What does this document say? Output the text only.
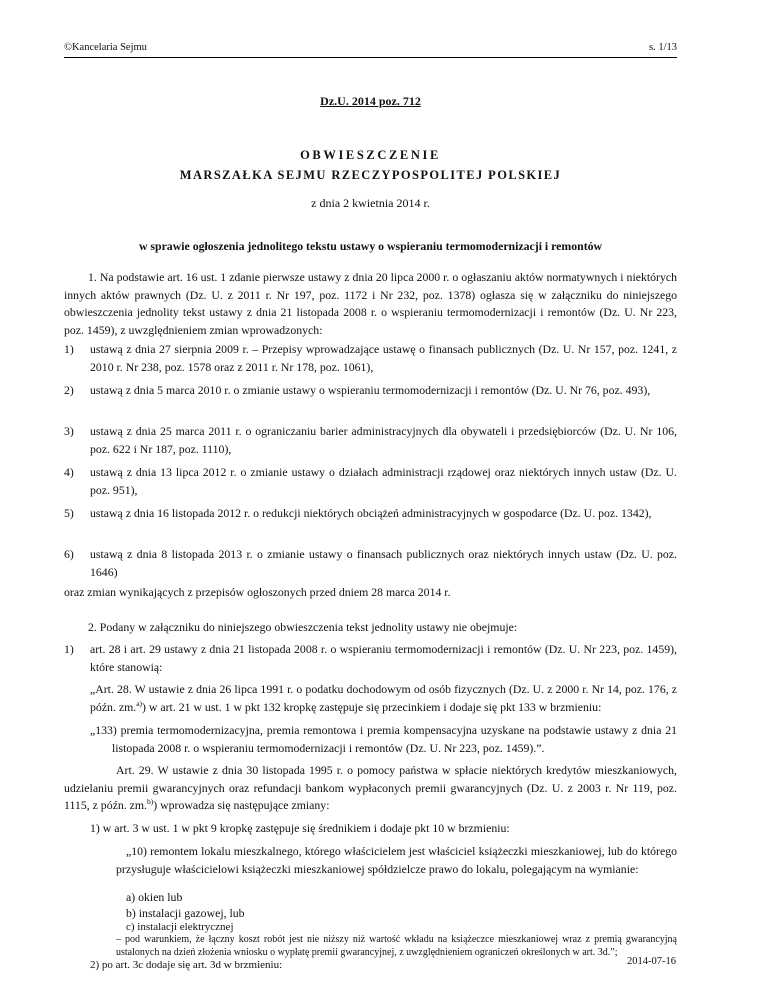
©Kancelaria Sejmu	s. 1/13
Dz.U. 2014 poz. 712
OBWIESZCZENIE
MARSZAŁKA SEJMU RZECZYPOSPOLITEJ POLSKIEJ
z dnia 2 kwietnia 2014 r.
w sprawie ogłoszenia jednolitego tekstu ustawy o wspieraniu termomodernizacji i remontów
1. Na podstawie art. 16 ust. 1 zdanie pierwsze ustawy z dnia 20 lipca 2000 r. o ogłaszaniu aktów normatywnych i niektórych innych aktów prawnych (Dz. U. z 2011 r. Nr 197, poz. 1172 i Nr 232, poz. 1378) ogłasza się w załączniku do niniejszego obwieszczenia jednolity tekst ustawy z dnia 21 listopada 2008 r. o wspieraniu termomodernizacji i remontów (Dz. U. Nr 223, poz. 1459), z uwzględnieniem zmian wprowadzonych:
1) ustawą z dnia 27 sierpnia 2009 r. – Przepisy wprowadzające ustawę o finansach publicznych (Dz. U. Nr 157, poz. 1241, z 2010 r. Nr 238, poz. 1578 oraz z 2011 r. Nr 178, poz. 1061),
2) ustawą z dnia 5 marca 2010 r. o zmianie ustawy o wspieraniu termomodernizacji i remontów (Dz. U. Nr 76, poz. 493),
3) ustawą z dnia 25 marca 2011 r. o ograniczaniu barier administracyjnych dla obywateli i przedsiębiorców (Dz. U. Nr 106, poz. 622 i Nr 187, poz. 1110),
4) ustawą z dnia 13 lipca 2012 r. o zmianie ustawy o działach administracji rządowej oraz niektórych innych ustaw (Dz. U. poz. 951),
5) ustawą z dnia 16 listopada 2012 r. o redukcji niektórych obciążeń administracyjnych w gospodarce (Dz. U. poz. 1342),
6) ustawą z dnia 8 listopada 2013 r. o zmianie ustawy o finansach publicznych oraz niektórych innych ustaw (Dz. U. poz. 1646)
oraz zmian wynikających z przepisów ogłoszonych przed dniem 28 marca 2014 r.
2. Podany w załączniku do niniejszego obwieszczenia tekst jednolity ustawy nie obejmuje:
1) art. 28 i art. 29 ustawy z dnia 21 listopada 2008 r. o wspieraniu termomodernizacji i remontów (Dz. U. Nr 223, poz. 1459), które stanowią:
„Art. 28. W ustawie z dnia 26 lipca 1991 r. o podatku dochodowym od osób fizycznych (Dz. U. z 2000 r. Nr 14, poz. 176, z późn. zm.$^{a)}$) w art. 21 w ust. 1 w pkt 132 kropkę zastępuje się przecinkiem i dodaje się pkt 133 w brzmieniu:
„133) premia termomodernizacyjna, premia remontowa i premia kompensacyjna uzyskane na podstawie ustawy z dnia 21 listopada 2008 r. o wspieraniu termomodernizacji i remontów (Dz. U. Nr 223, poz. 1459).”.
Art. 29. W ustawie z dnia 30 listopada 1995 r. o pomocy państwa w spłacie niektórych kredytów mieszkaniowych, udzielaniu premii gwarancyjnych oraz refundacji bankom wypłaconych premii gwarancyjnych (Dz. U. z 2003 r. Nr 119, poz. 1115, z późn. zm.$^{b)}$) wprowadza się następujące zmiany:
1) w art. 3 w ust. 1 w pkt 9 kropkę zastępuje się średnikiem i dodaje pkt 10 w brzmieniu:
„10) remontem lokalu mieszkalnego, którego właścicielem jest właściciel książeczki mieszkaniowej, lub do którego przysługuje właścicielowi książeczki mieszkaniowej spółdzielcze prawo do lokalu, polegającym na wymianie:
a) okien lub
2014-07-16
b) instalacji gazowej, lub
c) instalacji elektrycznej
– pod warunkiem, że łączny koszt robót jest nie niższy niż wartość wkładu na książeczce mieszkaniowej wraz z premią gwarancyjną ustalonych na dzień złożenia wniosku o wypłatę premii gwarancyjnej, z uwzględnieniem ograniczeń określonych w art. 3d.”;
2) po art. 3c dodaje się art. 3d w brzmieniu:
